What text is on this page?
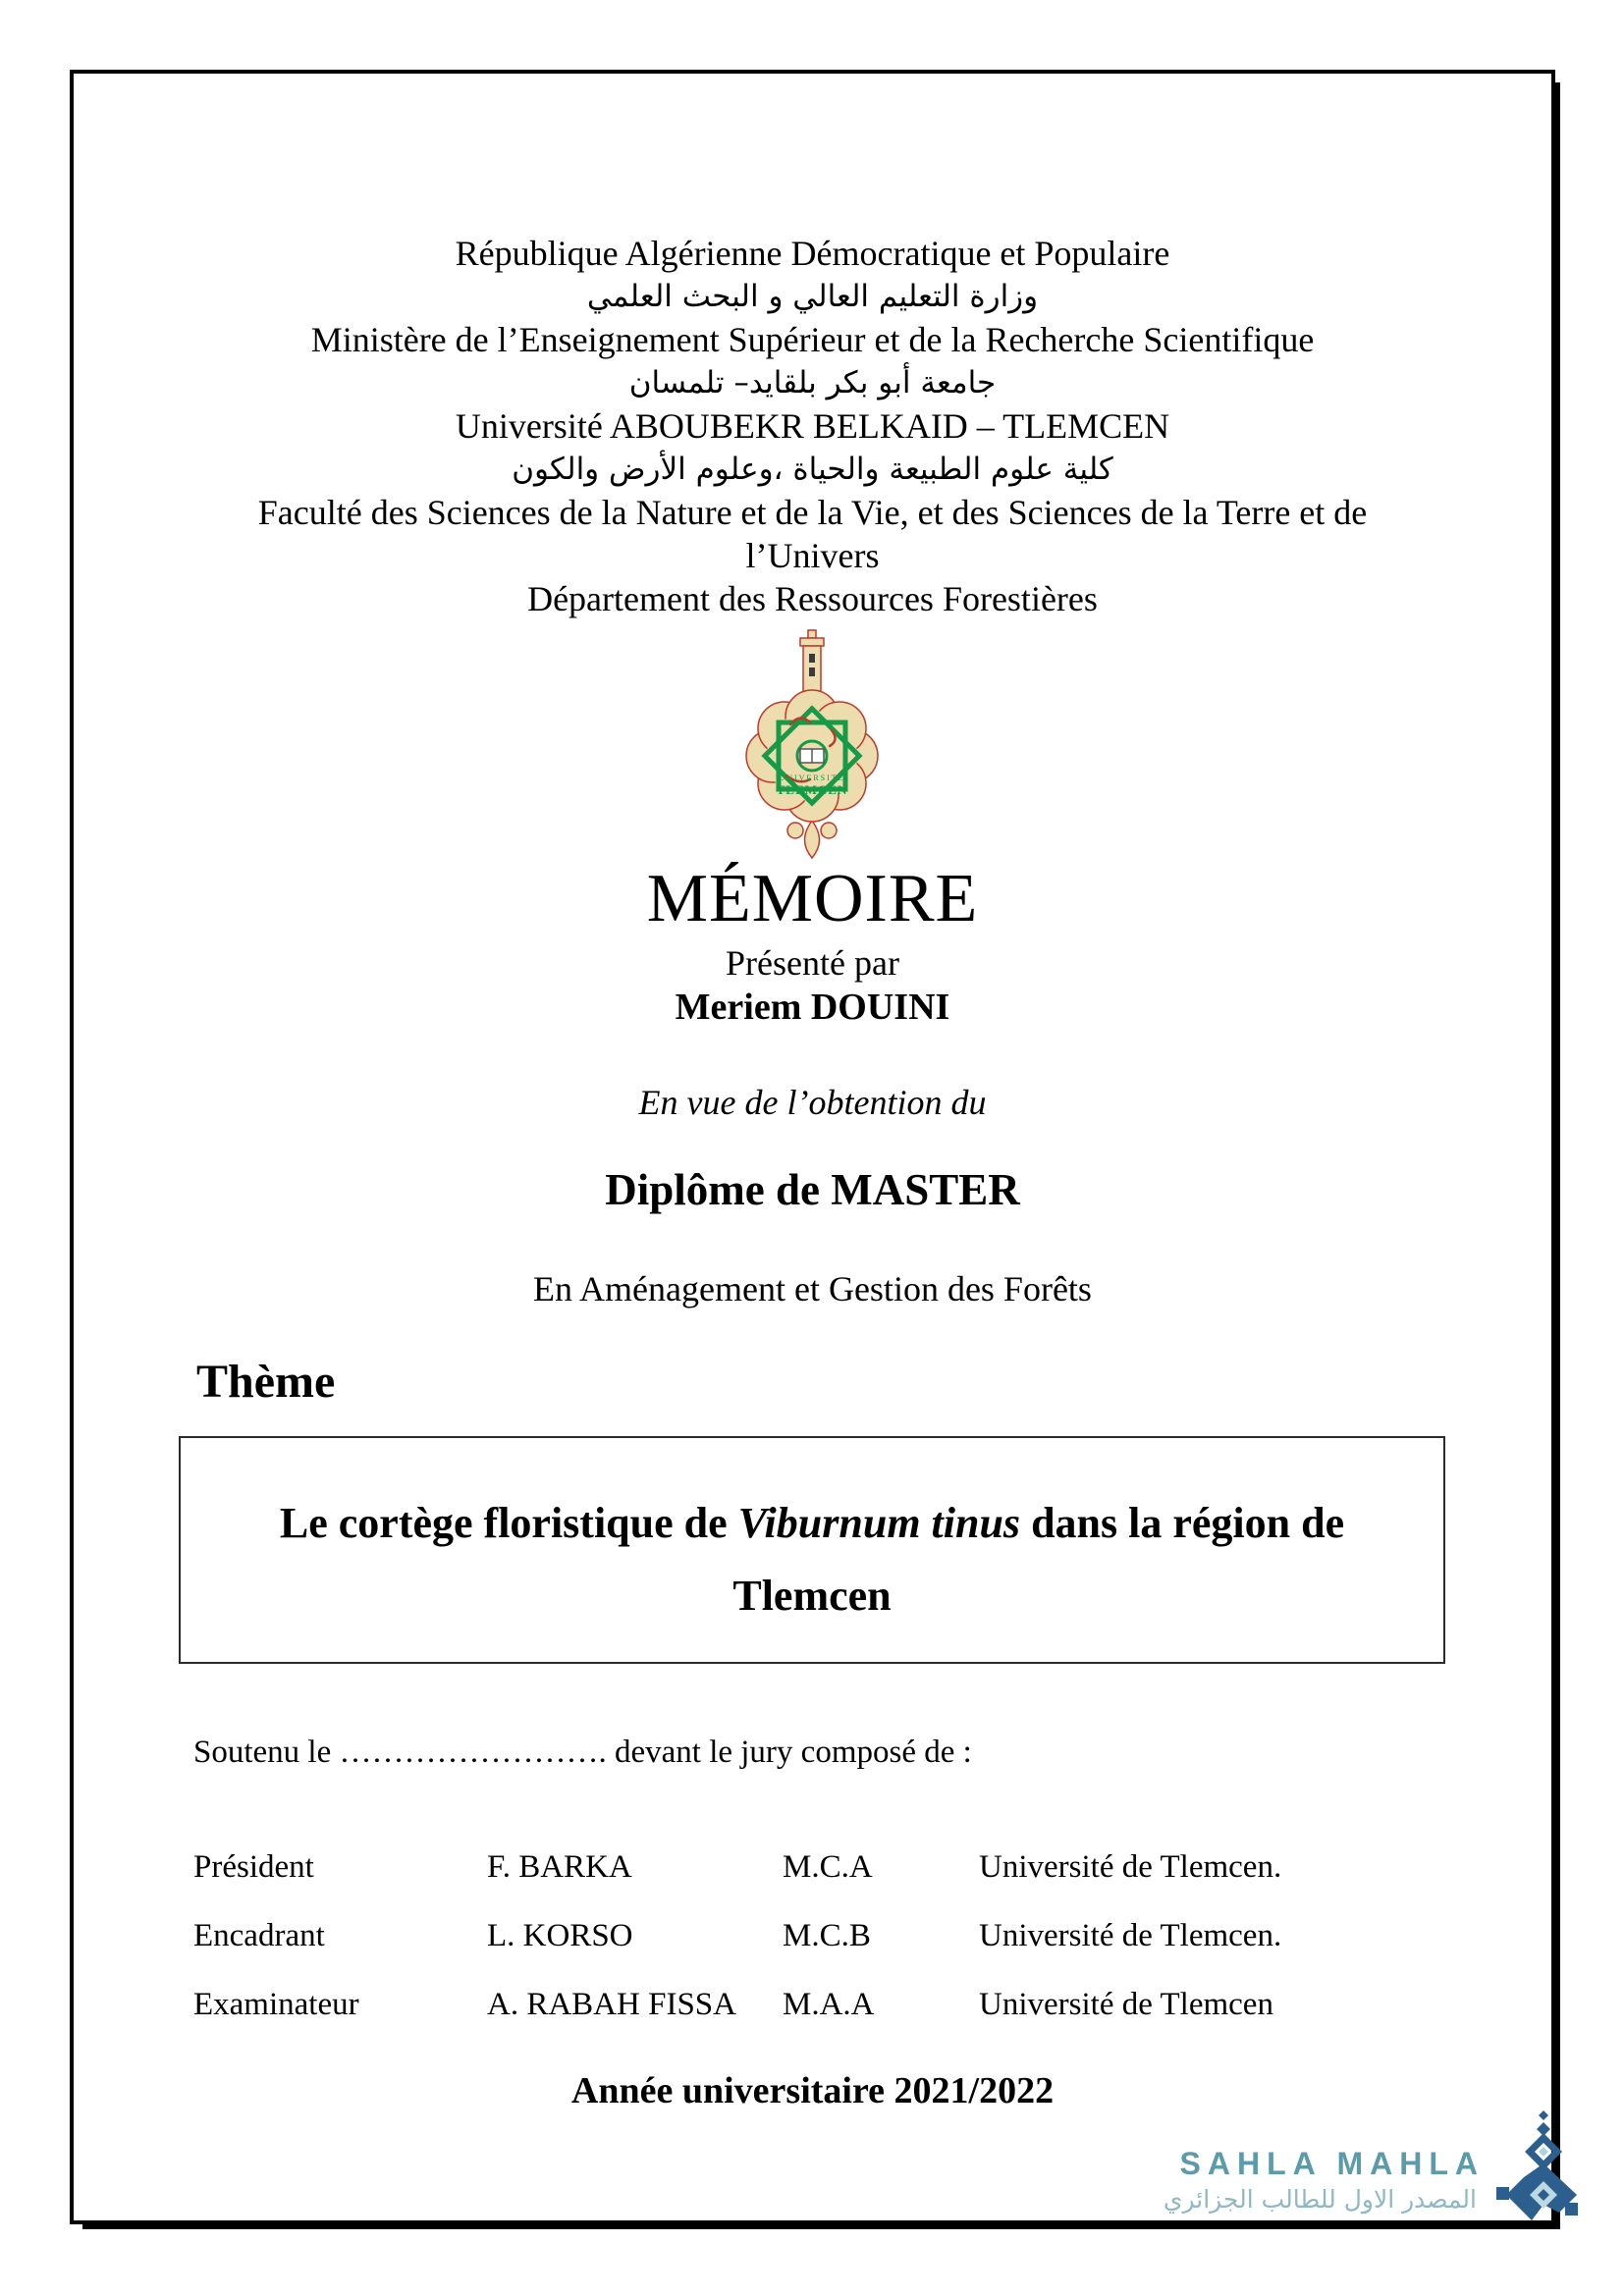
République Algérienne Démocratique et Populaire
وزارة التعليم العالي و البحث العلمي
Ministère de l’Enseignement Supérieur et de la Recherche Scientifique
جامعة أبو بكر بلقايد– تلمسان
Université ABOUBEKR BELKAID – TLEMCEN
كلية علوم الطبيعة والحياة ،وعلوم الأرض والكون
Faculté des Sciences de la Nature et de la Vie, et des Sciences de la Terre et de
l’Univers
Département des Ressources Forestières
UNIVERSITE
TLEMCEN
MÉMOIRE
Présenté par
Meriem DOUINI
En vue de l’obtention du
Diplôme de MASTER
En Aménagement et Gestion des Forêts
Thème
Le cortège floristique de Viburnum tinus dans la région de
Tlemcen
Soutenu le ……………………. devant le jury composé de :
Président	F. BARKA	M.C.A	Université de Tlemcen.
Encadrant	L. KORSO	M.C.B	Université de Tlemcen.
Examinateur	A. RABAH FISSA	M.A.A	Université de Tlemcen
Année universitaire 2021/2022
SAHLA MAHLA
المصدر الاول للطالب الجزائري
